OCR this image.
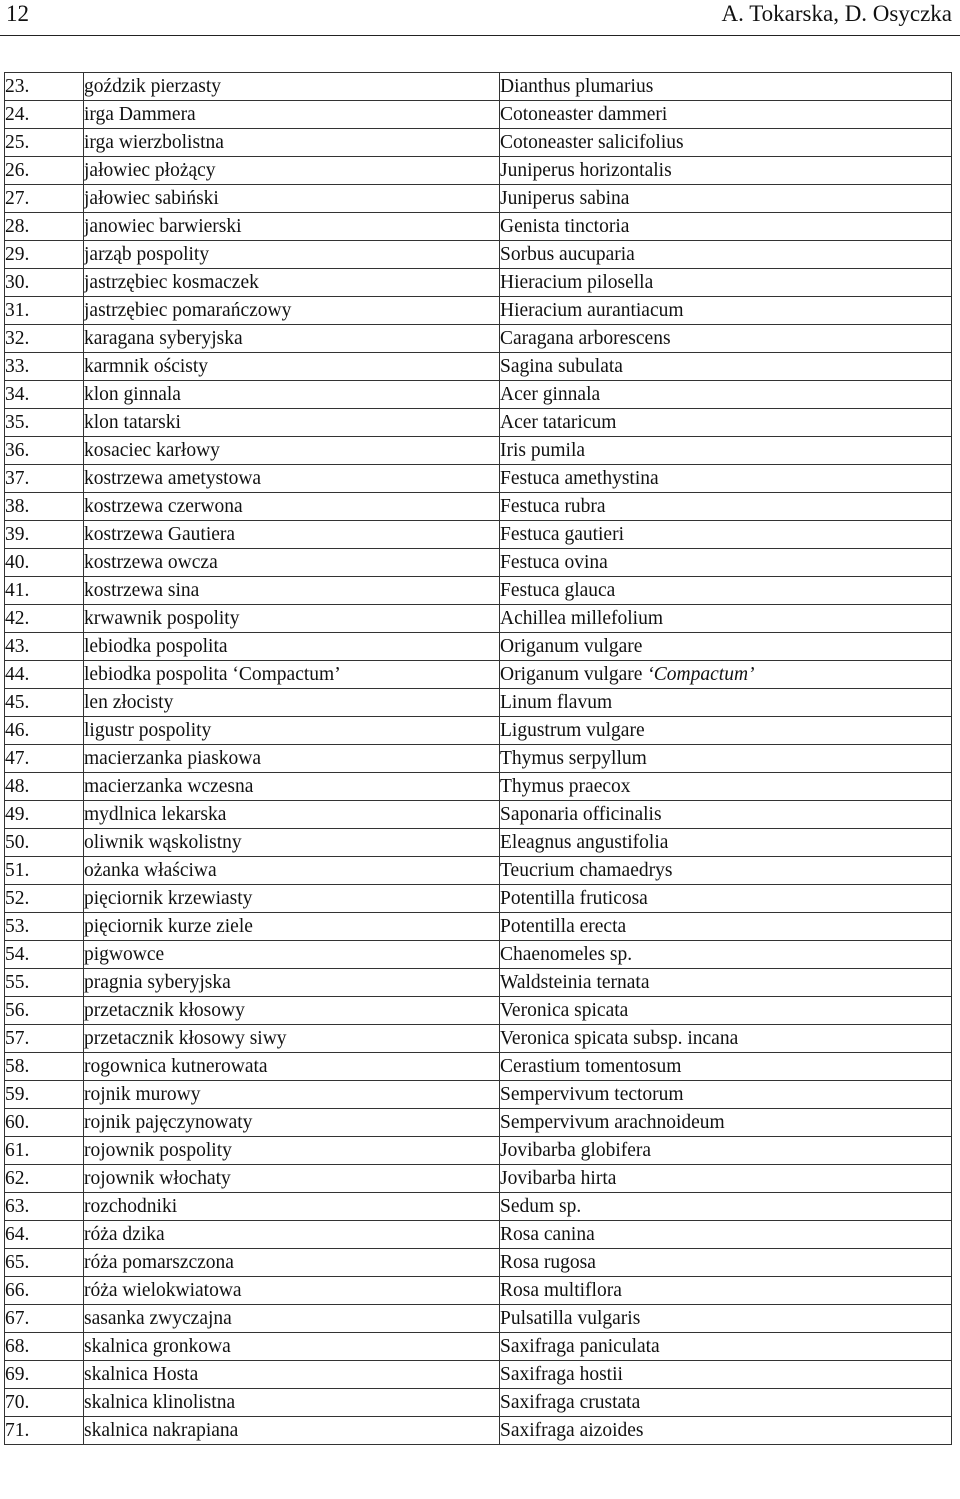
12	A. Tokarska, D. Osyczka
23.	goździk pierzasty	Dianthus plumarius
24.	irga Dammera	Cotoneaster dammeri
25.	irga wierzbolistna	Cotoneaster salicifolius
26.	jałowiec płożący	Juniperus horizontalis
27.	jałowiec sabiński	Juniperus sabina
28.	janowiec barwierski	Genista tinctoria
29.	jarząb pospolity	Sorbus aucuparia
30.	jastrzębiec kosmaczek	Hieracium pilosella
31.	jastrzębiec pomarańczowy	Hieracium aurantiacum
32.	karagana syberyjska	Caragana arborescens
33.	karmnik ościsty	Sagina subulata
34.	klon ginnala	Acer ginnala
35.	klon tatarski	Acer tataricum
36.	kosaciec karłowy	Iris pumila
37.	kostrzewa ametystowa	Festuca amethystina
38.	kostrzewa czerwona	Festuca rubra
39.	kostrzewa Gautiera	Festuca gautieri
40.	kostrzewa owcza	Festuca ovina
41.	kostrzewa sina	Festuca glauca
42.	krwawnik pospolity	Achillea millefolium
43.	lebiodka pospolita	Origanum vulgare
44.	lebiodka pospolita ‘Compactum’	Origanum vulgare ‘Compactum’
45.	len złocisty	Linum flavum
46.	ligustr pospolity	Ligustrum vulgare
47.	macierzanka piaskowa	Thymus serpyllum
48.	macierzanka wczesna	Thymus praecox
49.	mydlnica lekarska	Saponaria officinalis
50.	oliwnik wąskolistny	Eleagnus angustifolia
51.	ożanka właściwa	Teucrium chamaedrys
52.	pięciornik krzewiasty	Potentilla fruticosa
53.	pięciornik kurze ziele	Potentilla erecta
54.	pigwowce	Chaenomeles sp.
55.	pragnia syberyjska	Waldsteinia ternata
56.	przetacznik kłosowy	Veronica spicata
57.	przetacznik kłosowy siwy	Veronica spicata subsp. incana
58.	rogownica kutnerowata	Cerastium tomentosum
59.	rojnik murowy	Sempervivum tectorum
60.	rojnik pajęczynowaty	Sempervivum arachnoideum
61.	rojownik pospolity	Jovibarba globifera
62.	rojownik włochaty	Jovibarba hirta
63.	rozchodniki	Sedum sp.
64.	róża dzika	Rosa canina
65.	róża pomarszczona	Rosa rugosa
66.	róża wielokwiatowa	Rosa multiflora
67.	sasanka zwyczajna	Pulsatilla vulgaris
68.	skalnica gronkowa	Saxifraga paniculata
69.	skalnica Hosta	Saxifraga hostii
70.	skalnica klinolistna	Saxifraga crustata
71.	skalnica nakrapiana	Saxifraga aizoides
